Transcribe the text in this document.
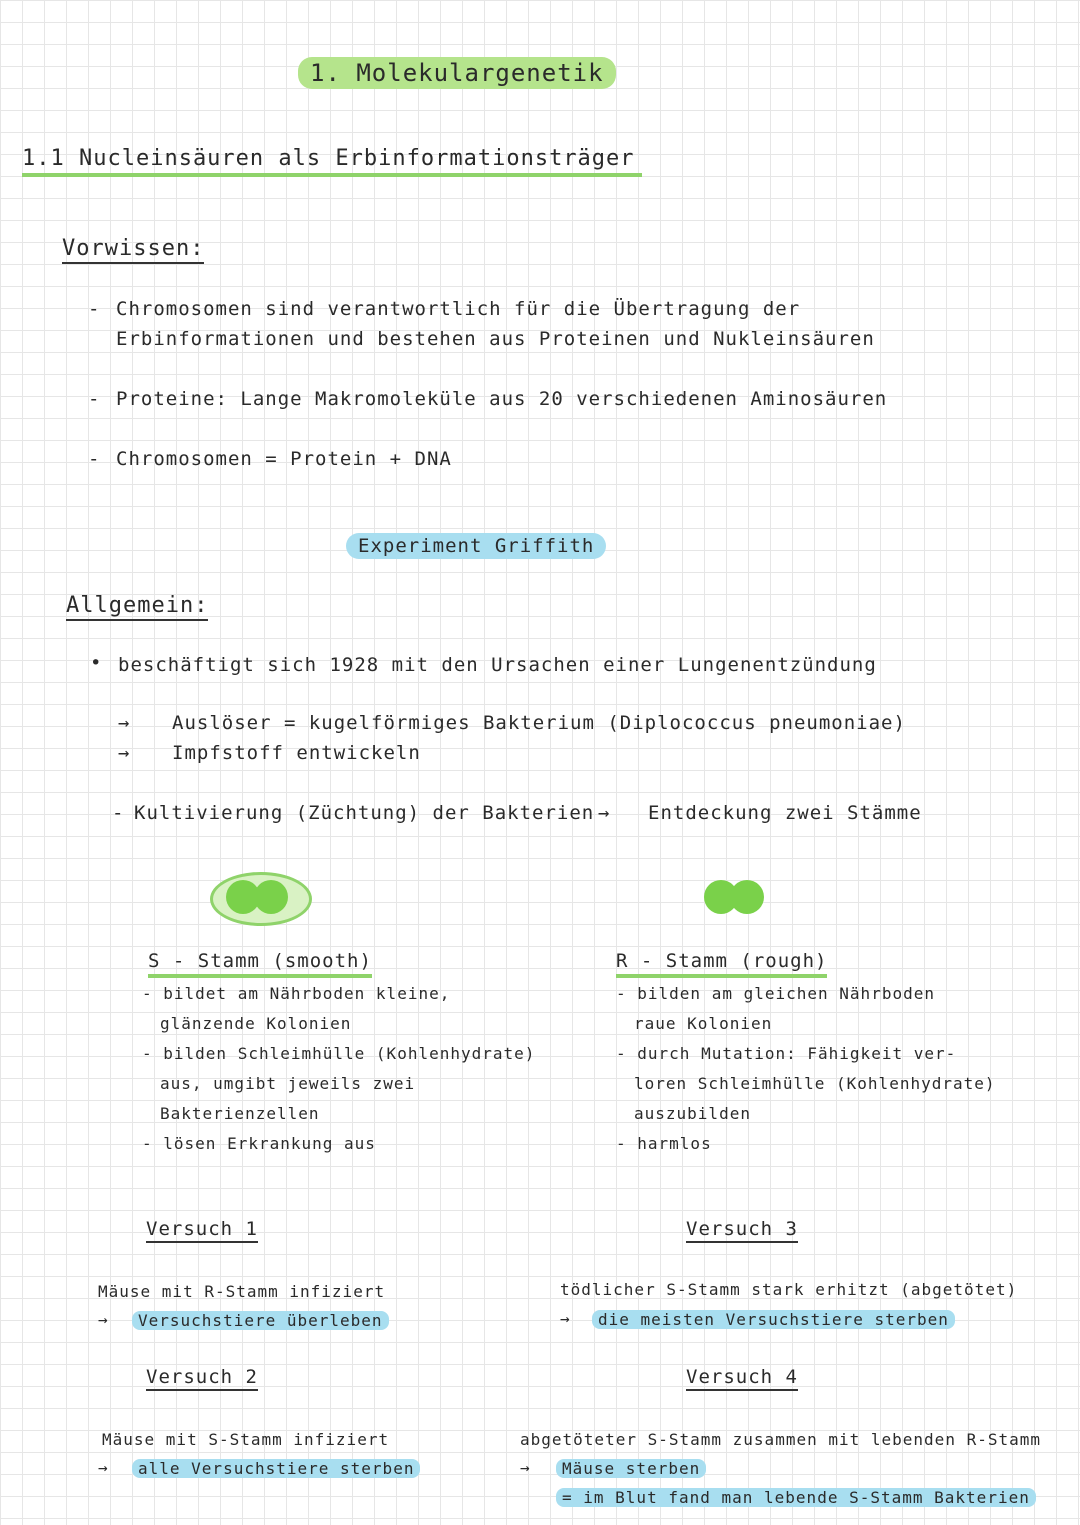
1. Molekulargenetik
1.1 Nucleinsäuren als Erbinformationsträger
Vorwissen:
- Chromosomen sind verantwortlich für die Übertragung der
Erbinformationen und bestehen aus Proteinen und Nukleinsäuren
- Proteine: Lange Makromoleküle aus 20 verschiedenen Aminosäuren
- Chromosomen = Protein + DNA
Experiment Griffith
Allgemein:
• beschäftigt sich 1928 mit den Ursachen einer Lungenentzündung
→ Auslöser = kugelförmiges Bakterium (Diplococcus pneumoniae)
→ Impfstoff entwickeln
- Kultivierung (Züchtung) der Bakterien → Entdeckung zwei Stämme
S - Stamm (smooth)
- bildet am Nährboden kleine,
glänzende Kolonien
- bilden Schleimhülle (Kohlenhydrate)
aus, umgibt jeweils zwei
Bakterienzellen
- lösen Erkrankung aus
R - Stamm (rough)
- bilden am gleichen Nährboden
raue Kolonien
- durch Mutation: Fähigkeit ver-
loren Schleimhülle (Kohlenhydrate)
auszubilden
- harmlos
Versuch 1
Mäuse mit R-Stamm infiziert
→	Versuchstiere überleben
Versuch 2
Mäuse mit S-Stamm infiziert
→	alle Versuchstiere sterben
Versuch 3
tödlicher S-Stamm stark erhitzt (abgetötet)
→	die meisten Versuchstiere sterben
Versuch 4
abgetöteter S-Stamm zusammen mit lebenden R-Stamm
→	Mäuse sterben
= im Blut fand man lebende S-Stamm Bakterien
